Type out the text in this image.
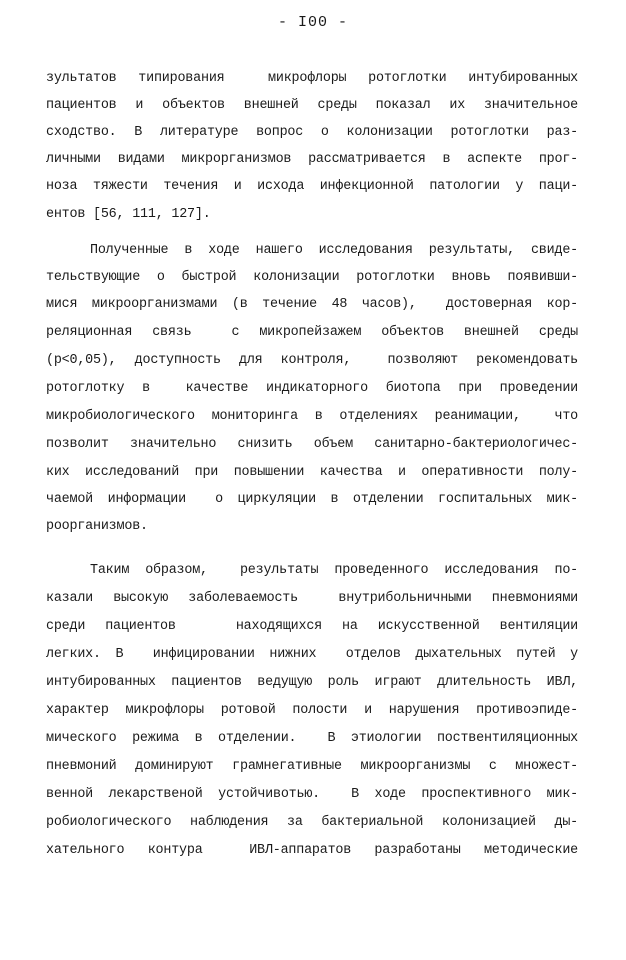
- I00 -
зультатов типирования  микрофлоры ротоглотки интубированных
пациентов и объектов внешней среды показал их значительное
сходство. В литературе вопрос о колонизации ротоглотки раз-
личными видами микрорганизмов рассматривается в аспекте прог-
ноза тяжести течения и исхода инфекционной патологии у паци-
ентов [56, 111, 127].
Полученные в ходе нашего исследования результаты, свиде-
тельствующие о быстрой колонизации ротоглотки вновь появивши-
мися микроорганизмами (в течение 48 часов),  достоверная кор-
реляционная связь  с микропейзажем объектов внешней среды
(р<0,05), доступность для контроля,  позволяют рекомендовать
ротоглотку в  качестве индикаторного биотопа при проведении
микробиологического мониторинга в отделениях реанимации,  что
позволит значительно снизить объем санитарно-бактериологичес-
ких исследований при повышении качества и оперативности полу-
чаемой информации  о циркуляции в отделении госпитальных мик-
роорганизмов.
Таким образом,  результаты проведенного исследования по-
казали высокую заболеваемость  внутрибольничными пневмониями
среди пациентов   находящихся на искусственной вентиляции
легких. В  инфицировании нижних  отделов дыхательных путей у
интубированных пациентов ведущую роль играют длительность ИВЛ,
характер микрофлоры ротовой полости и нарушения противоэпиде-
мического режима в отделении.  В этиологии поствентиляционных
пневмоний доминируют грамнегативные микроорганизмы с множест-
венной лекарственой устойчивотью.  В ходе проспективного мик-
робиологического наблюдения за бактериальной колонизацией ды-
хательного контура  ИВЛ-аппаратов разработаны методические
